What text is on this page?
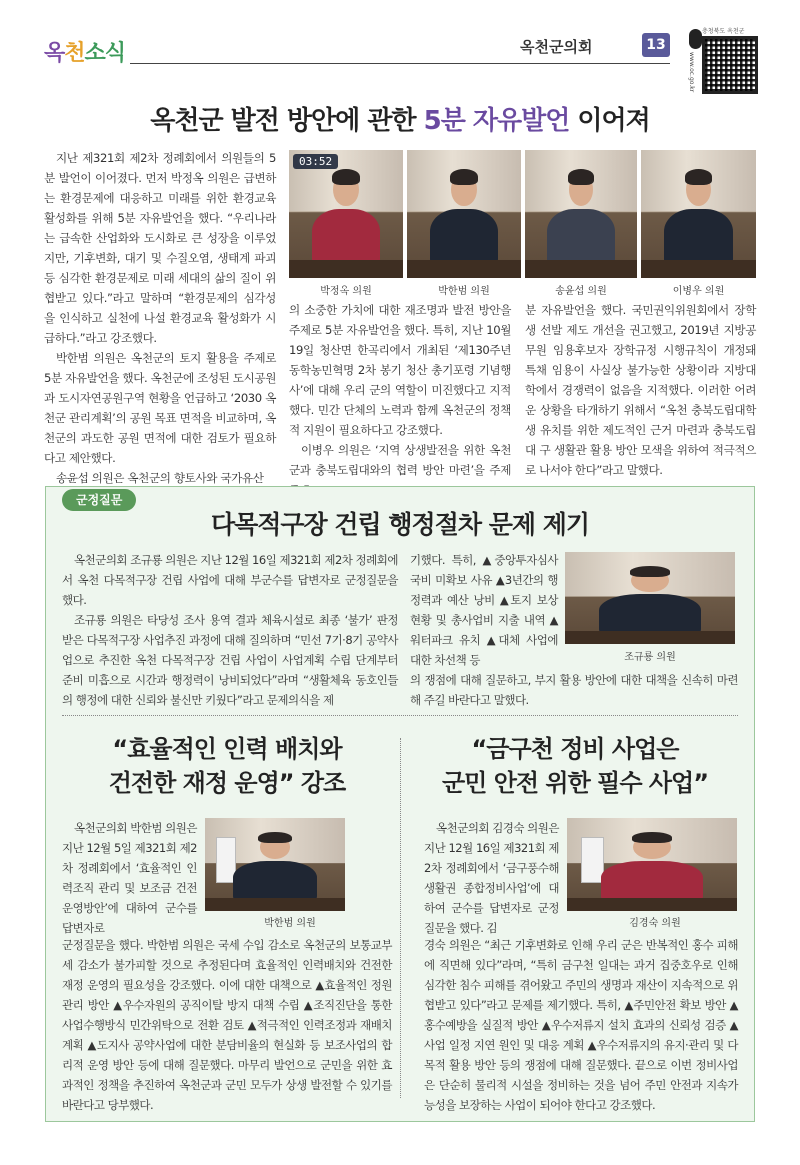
옥천소식	옥천군의회	13
충청북도 옥천군
www.oc.go.kr
옥천군 발전 방안에 관한 5분 자유발언 이어져

지난 제321회 제2차 정례회에서 의원들의 5분 발언이 이어졌다. 먼저 박정옥 의원은 급변하는 환경문제에 대응하고 미래를 위한 환경교육 활성화를 위해 5분 자유발언을 했다. “우리나라는 급속한 산업화와 도시화로 큰 성장을 이루었지만, 기후변화, 대기 및 수질오염, 생태계 파괴 등 심각한 환경문제로 미래 세대의 삶의 질이 위협받고 있다.”라고 말하며 “환경문제의 심각성을 인식하고 실천에 나설 환경교육 활성화가 시급하다.”라고 강조했다.

박한범 의원은 옥천군의 토지 활용을 주제로 5분 자유발언을 했다. 옥천군에 조성된 도시공원과 도시자연공원구역 현황을 언급하고 ‘2030 옥천군 관리계획’의 공원 목표 면적을 비교하며, 옥천군의 과도한 공원 면적에 대한 검토가 필요하다고 제안했다.

송윤섭 의원은 옥천군의 향토사와 국가유산

03:52
박정옥 의원	박한범 의원	송윤섭 의원	이병우 의원

의 소중한 가치에 대한 재조명과 발전 방안을 주제로 5분 자유발언을 했다. 특히, 지난 10월 19일 청산면 한곡리에서 개최된 ‘제130주년 동학농민혁명 2차 봉기 청산 총기포령 기념행사’에 대해 우리 군의 역할이 미진했다고 지적했다. 민간 단체의 노력과 함께 옥천군의 정책적 지원이 필요하다고 강조했다.

이병우 의원은 ‘지역 상생발전을 위한 옥천군과 충북도립대와의 협력 방안 마련’을 주제

분 자유발언을 했다. 국민권익위원회에서 장학생 선발 제도 개선을 권고했고, 2019년 지방공무원 임용후보자 장학규정 시행규칙이 개정돼 특채 임용이 사실상 불가능한 상황이라 지방대학에서 경쟁력이 없음을 지적했다. 이러한 어려운 상황을 타개하기 위해서 “옥천 충북도립대학생 유치를 위한 제도적인 근거 마련과 충북도립대 구 생활관 활용 방안 모색을 위하여 적극적으로 나서야 한다”라고 말했다.

군정질문
다목적구장 건립 행정절차 문제 제기

옥천군의회 조규룡 의원은 지난 12월 16일 제321회 제2차 정례회에서 옥천 다목적구장 건립 사업에 대해 부군수를 답변자로 군정질문을 했다.

조규룡 의원은 타당성 조사 용역 결과 체육시설로 최종 ‘불가’ 판정 받은 다목적구장 사업추진 과정에 대해 질의하며 “민선 7기·8기 공약사업으로 추진한 옥천 다목적구장 건립 사업이 사업계획 수립 단계부터 준비 미흡으로 시간과 행정력이 낭비되었다”라며 “생활체육 동호인들의 행정에 대한 신뢰와 불신만 키웠다”라고 문제의식을 제

기했다. 특히, ▲중앙투자심사 국비 미확보 사유 ▲3년간의 행정력과 예산 낭비 ▲토지 보상 현황 및 총사업비 지출 내역 ▲워터파크 유치 ▲대체 사업에 대한 차선책 등	조규룡 의원

의 쟁점에 대해 질문하고, 부지 활용 방안에 대한 대책을 신속히 마련해 주길 바란다고 말했다.

“효율적인 인력 배치와
건전한 재정 운영” 강조

옥천군의회 박한범 의원은 지난 12월 5일 제321회 제2차 정례회에서 ‘효율적인 인력조직 관리 및 보조금 건전운영방안’에 대하여 군수를 답변자로	박한범 의원

군정질문을 했다. 박한범 의원은 국세 수입 감소로 옥천군의 보통교부세 감소가 불가피할 것으로 추정된다며 효율적인 인력배치와 건전한 재정 운영의 필요성을 강조했다. 이에 대한 대책으로 ▲효율적인 정원관리 방안 ▲우수자원의 공직이탈 방지 대책 수립 ▲조직진단을 통한 사업수행방식 민간위탁으로 전환 검토 ▲적극적인 인력조정과 재배치 계획 ▲도지사 공약사업에 대한 분담비율의 현실화 등 보조사업의 합리적 운영 방안 등에 대해 질문했다. 마무리 발언으로 군민을 위한 효과적인 정책을 추진하여 옥천군과 군민 모두가 상생 발전할 수 있기를 바란다고 당부했다.

“금구천 정비 사업은
군민 안전 위한 필수 사업”

옥천군의회 김경숙 의원은 지난 12월 16일 제321회 제2차 정례회에서 ‘금구풍수해생활권 종합정비사업’에 대하여 군수를 답변자로 군정질문을 했다. 김	김경숙 의원

경숙 의원은 “최근 기후변화로 인해 우리 군은 반복적인 홍수 피해에 직면해 있다”라며, “특히 금구천 일대는 과거 집중호우로 인해 심각한 침수 피해를 겪어왔고 주민의 생명과 재산이 지속적으로 위협받고 있다”라고 문제를 제기했다. 특히, ▲주민안전 확보 방안 ▲홍수예방을 실질적 방안 ▲우수저류지 설치 효과의 신뢰성 검증 ▲사업 일정 지연 원인 및 대응 계획 ▲우수저류지의 유지·관리 및 다목적 활용 방안 등의 쟁점에 대해 질문했다. 끝으로 이번 정비사업은 단순히 물리적 시설을 정비하는 것을 넘어 주민 안전과 지속가능성을 보장하는 사업이 되어야 한다고 강조했다.
